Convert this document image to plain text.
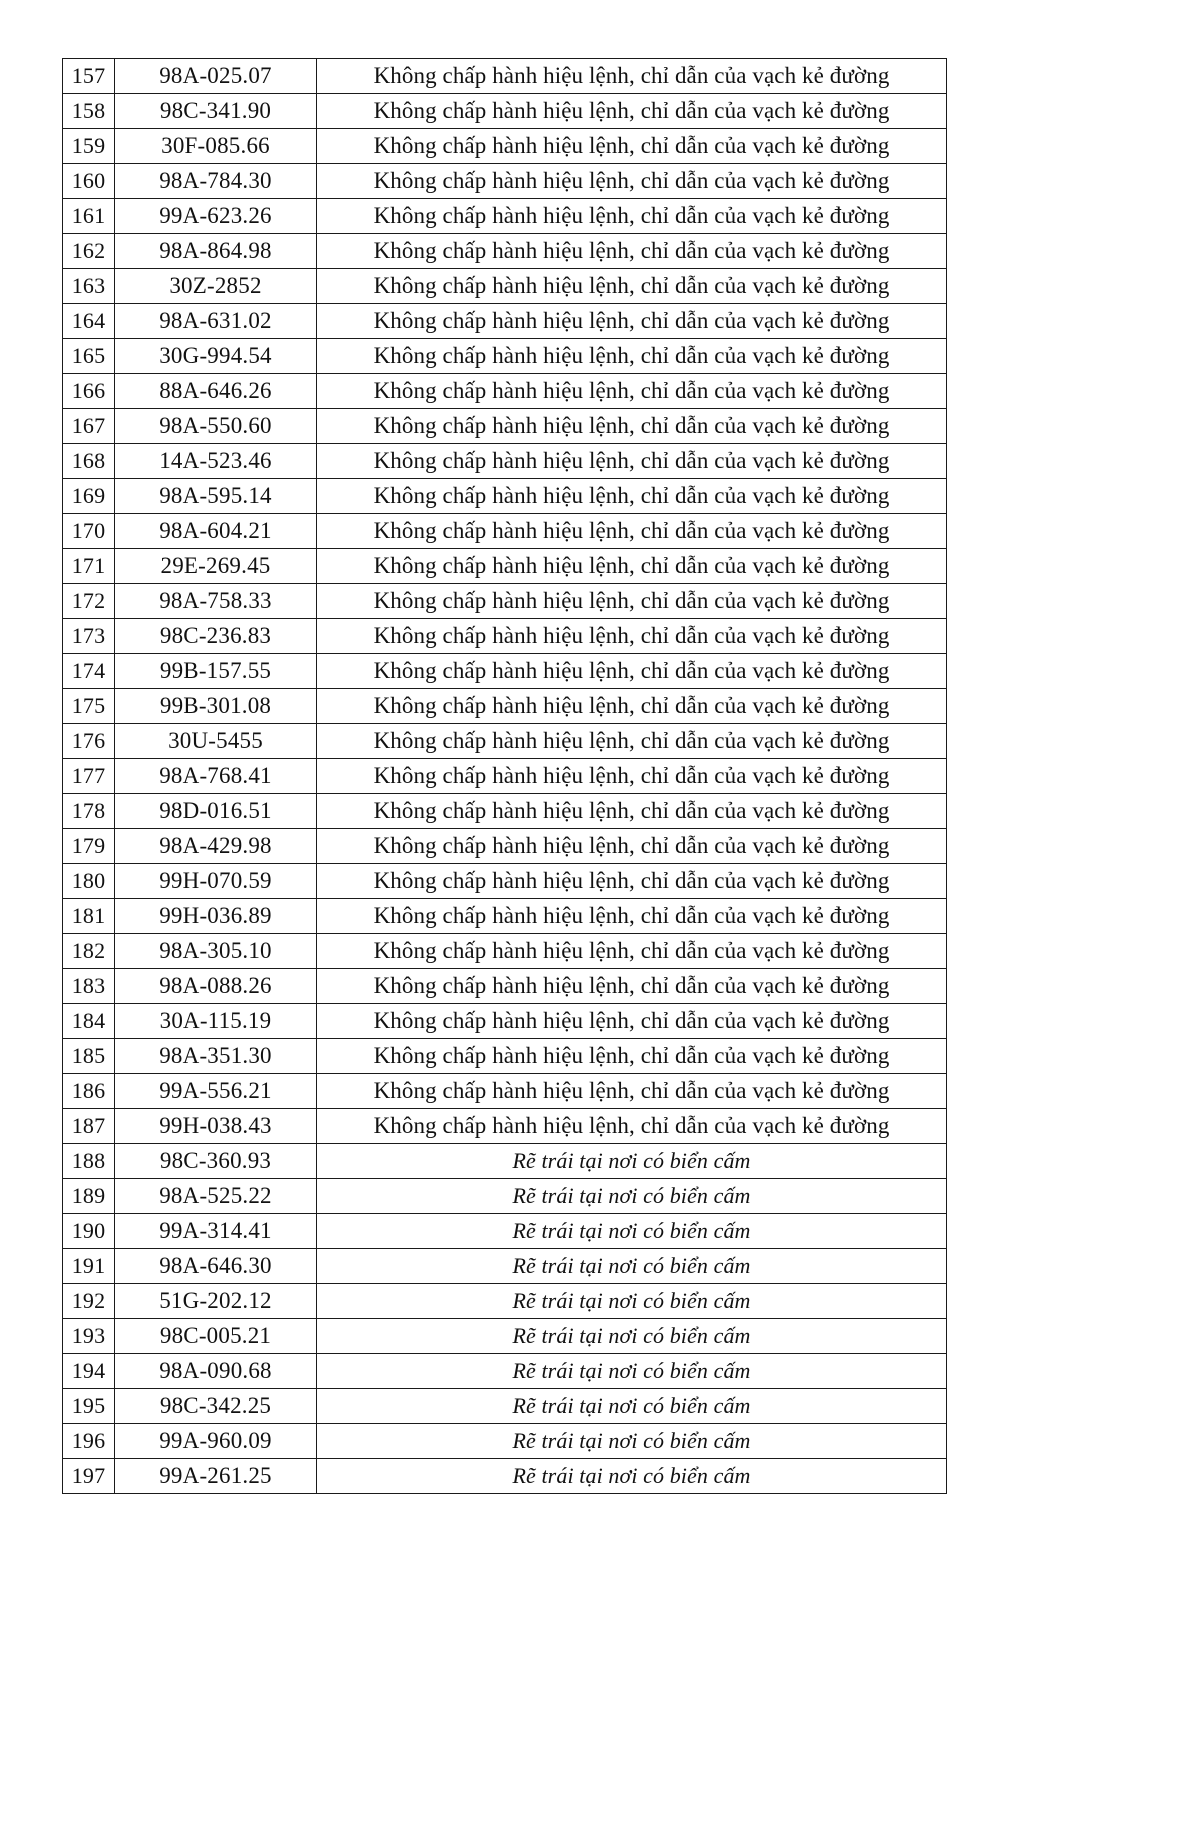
157	98A-025.07	Không chấp hành hiệu lệnh, chỉ dẫn của vạch kẻ đường
158	98C-341.90	Không chấp hành hiệu lệnh, chỉ dẫn của vạch kẻ đường
159	30F-085.66	Không chấp hành hiệu lệnh, chỉ dẫn của vạch kẻ đường
160	98A-784.30	Không chấp hành hiệu lệnh, chỉ dẫn của vạch kẻ đường
161	99A-623.26	Không chấp hành hiệu lệnh, chỉ dẫn của vạch kẻ đường
162	98A-864.98	Không chấp hành hiệu lệnh, chỉ dẫn của vạch kẻ đường
163	30Z-2852	Không chấp hành hiệu lệnh, chỉ dẫn của vạch kẻ đường
164	98A-631.02	Không chấp hành hiệu lệnh, chỉ dẫn của vạch kẻ đường
165	30G-994.54	Không chấp hành hiệu lệnh, chỉ dẫn của vạch kẻ đường
166	88A-646.26	Không chấp hành hiệu lệnh, chỉ dẫn của vạch kẻ đường
167	98A-550.60	Không chấp hành hiệu lệnh, chỉ dẫn của vạch kẻ đường
168	14A-523.46	Không chấp hành hiệu lệnh, chỉ dẫn của vạch kẻ đường
169	98A-595.14	Không chấp hành hiệu lệnh, chỉ dẫn của vạch kẻ đường
170	98A-604.21	Không chấp hành hiệu lệnh, chỉ dẫn của vạch kẻ đường
171	29E-269.45	Không chấp hành hiệu lệnh, chỉ dẫn của vạch kẻ đường
172	98A-758.33	Không chấp hành hiệu lệnh, chỉ dẫn của vạch kẻ đường
173	98C-236.83	Không chấp hành hiệu lệnh, chỉ dẫn của vạch kẻ đường
174	99B-157.55	Không chấp hành hiệu lệnh, chỉ dẫn của vạch kẻ đường
175	99B-301.08	Không chấp hành hiệu lệnh, chỉ dẫn của vạch kẻ đường
176	30U-5455	Không chấp hành hiệu lệnh, chỉ dẫn của vạch kẻ đường
177	98A-768.41	Không chấp hành hiệu lệnh, chỉ dẫn của vạch kẻ đường
178	98D-016.51	Không chấp hành hiệu lệnh, chỉ dẫn của vạch kẻ đường
179	98A-429.98	Không chấp hành hiệu lệnh, chỉ dẫn của vạch kẻ đường
180	99H-070.59	Không chấp hành hiệu lệnh, chỉ dẫn của vạch kẻ đường
181	99H-036.89	Không chấp hành hiệu lệnh, chỉ dẫn của vạch kẻ đường
182	98A-305.10	Không chấp hành hiệu lệnh, chỉ dẫn của vạch kẻ đường
183	98A-088.26	Không chấp hành hiệu lệnh, chỉ dẫn của vạch kẻ đường
184	30A-115.19	Không chấp hành hiệu lệnh, chỉ dẫn của vạch kẻ đường
185	98A-351.30	Không chấp hành hiệu lệnh, chỉ dẫn của vạch kẻ đường
186	99A-556.21	Không chấp hành hiệu lệnh, chỉ dẫn của vạch kẻ đường
187	99H-038.43	Không chấp hành hiệu lệnh, chỉ dẫn của vạch kẻ đường
188	98C-360.93	Rẽ trái tại nơi có biển cấm
189	98A-525.22	Rẽ trái tại nơi có biển cấm
190	99A-314.41	Rẽ trái tại nơi có biển cấm
191	98A-646.30	Rẽ trái tại nơi có biển cấm
192	51G-202.12	Rẽ trái tại nơi có biển cấm
193	98C-005.21	Rẽ trái tại nơi có biển cấm
194	98A-090.68	Rẽ trái tại nơi có biển cấm
195	98C-342.25	Rẽ trái tại nơi có biển cấm
196	99A-960.09	Rẽ trái tại nơi có biển cấm
197	99A-261.25	Rẽ trái tại nơi có biển cấm
